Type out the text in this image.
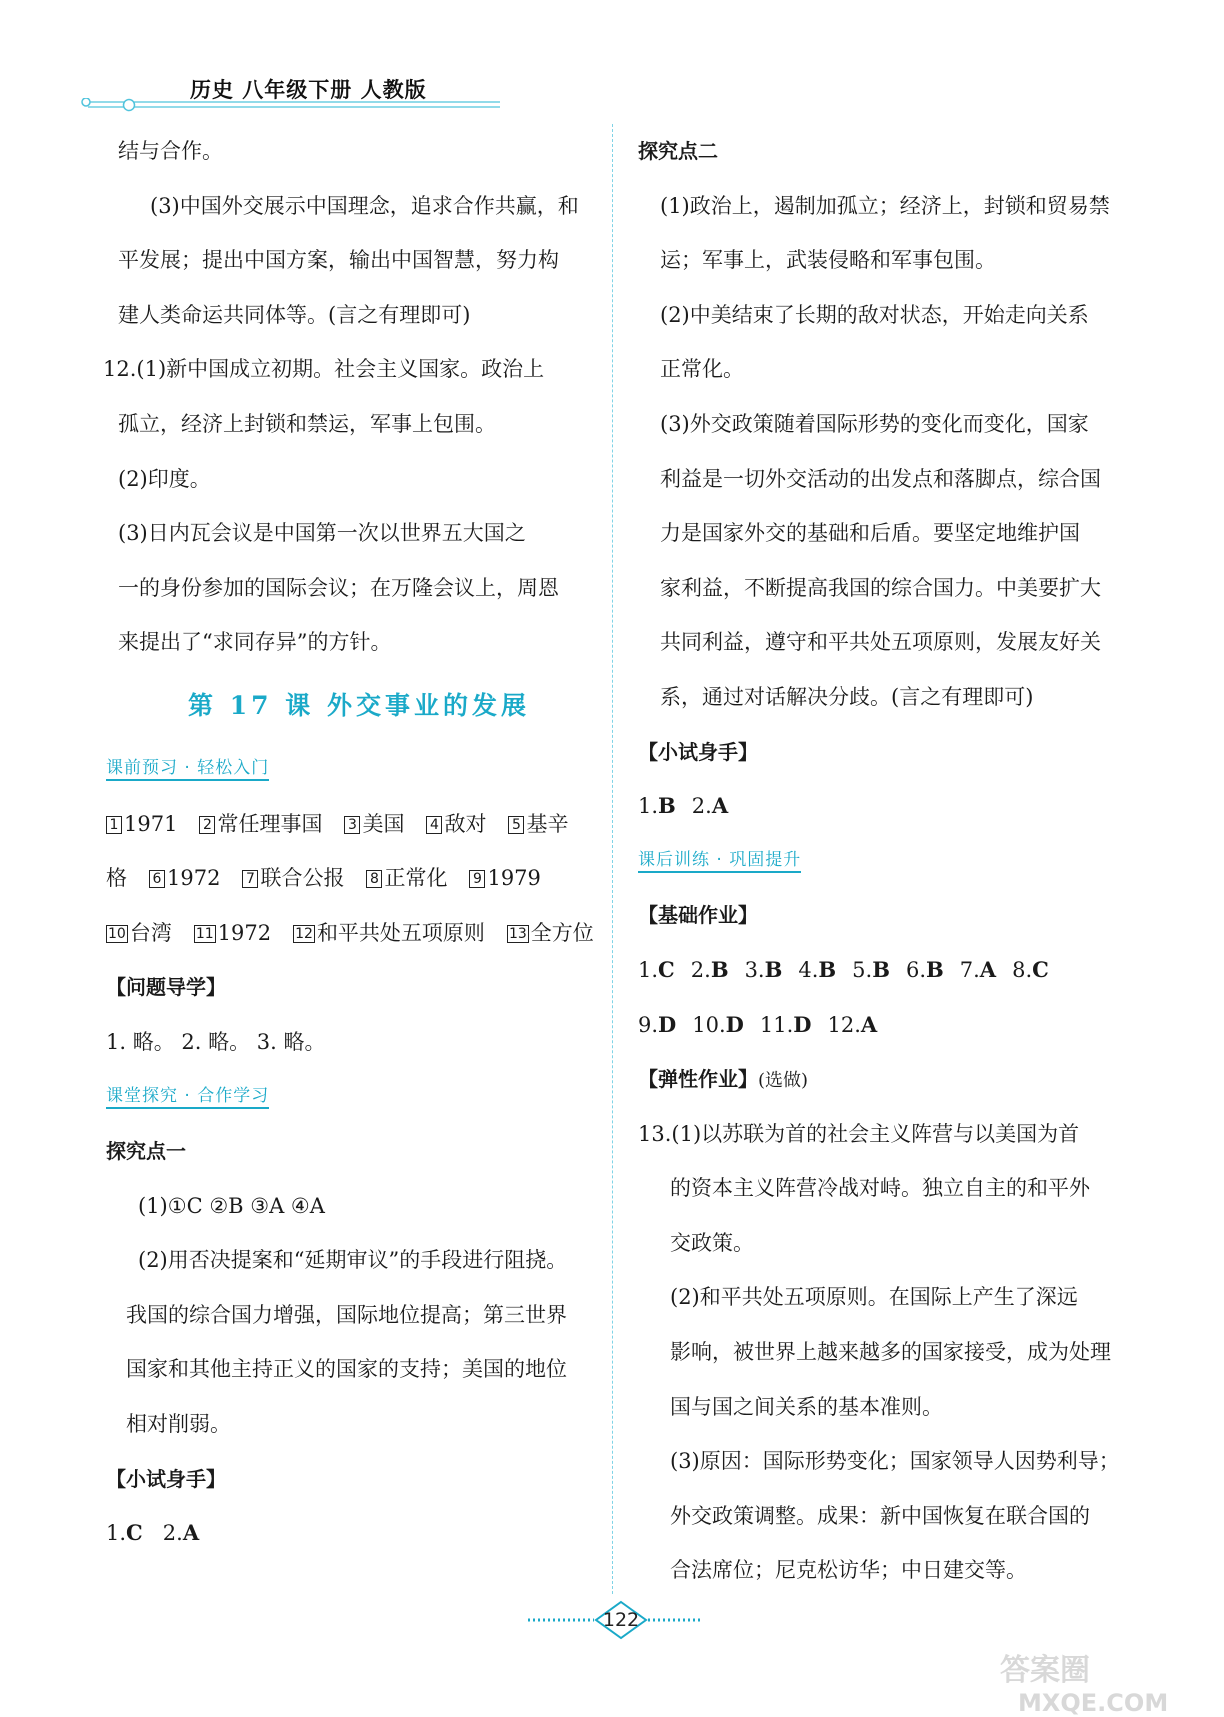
历史 八年级下册 人教版
结与合作。
(3)中国外交展示中国理念，追求合作共赢，和
平发展；提出中国方案，输出中国智慧，努力构
建人类命运共同体等。(言之有理即可)
12.(1)新中国成立初期。社会主义国家。政治上
孤立，经济上封锁和禁运，军事上包围。
(2)印度。
(3)日内瓦会议是中国第一次以世界五大国之
一的身份参加的国际会议；在万隆会议上，周恩
来提出了“求同存异”的方针。
第 17 课 外交事业的发展
课前预习 · 轻松入门
1 1971 2 常任理事国 3 美国 4 敌对 5 基辛
格 6 1972 7 联合公报 8 正常化 9 1979
10 台湾 11 1972 12 和平共处五项原则 13 全方位
【问题导学】
1. 略。 2. 略。 3. 略。
课堂探究 · 合作学习
探究点一
(1)①C ②B ③A ④A
(2)用否决提案和“延期审议”的手段进行阻挠。
我国的综合国力增强，国际地位提高；第三世界
国家和其他主持正义的国家的支持；美国的地位
相对削弱。
【小试身手】
1.C 2.A
探究点二
(1)政治上，遏制加孤立；经济上，封锁和贸易禁
运；军事上，武装侵略和军事包围。
(2)中美结束了长期的敌对状态，开始走向关系
正常化。
(3)外交政策随着国际形势的变化而变化，国家
利益是一切外交活动的出发点和落脚点，综合国
力是国家外交的基础和后盾。要坚定地维护国
家利益，不断提高我国的综合国力。中美要扩大
共同利益，遵守和平共处五项原则，发展友好关
系，通过对话解决分歧。(言之有理即可)
【小试身手】
1.B 2.A
课后训练 · 巩固提升
【基础作业】
1.C 2.B 3.B 4.B 5.B 6.B 7.A 8.C
9.D 10.D 11.D 12.A
【弹性作业】(选做)
13.(1)以苏联为首的社会主义阵营与以美国为首
的资本主义阵营冷战对峙。独立自主的和平外
交政策。
(2)和平共处五项原则。在国际上产生了深远
影响，被世界上越来越多的国家接受，成为处理
国与国之间关系的基本准则。
(3)原因：国际形势变化；国家领导人因势利导；
外交政策调整。成果：新中国恢复在联合国的
合法席位；尼克松访华；中日建交等。
122
答案圈
MXQE.COM
